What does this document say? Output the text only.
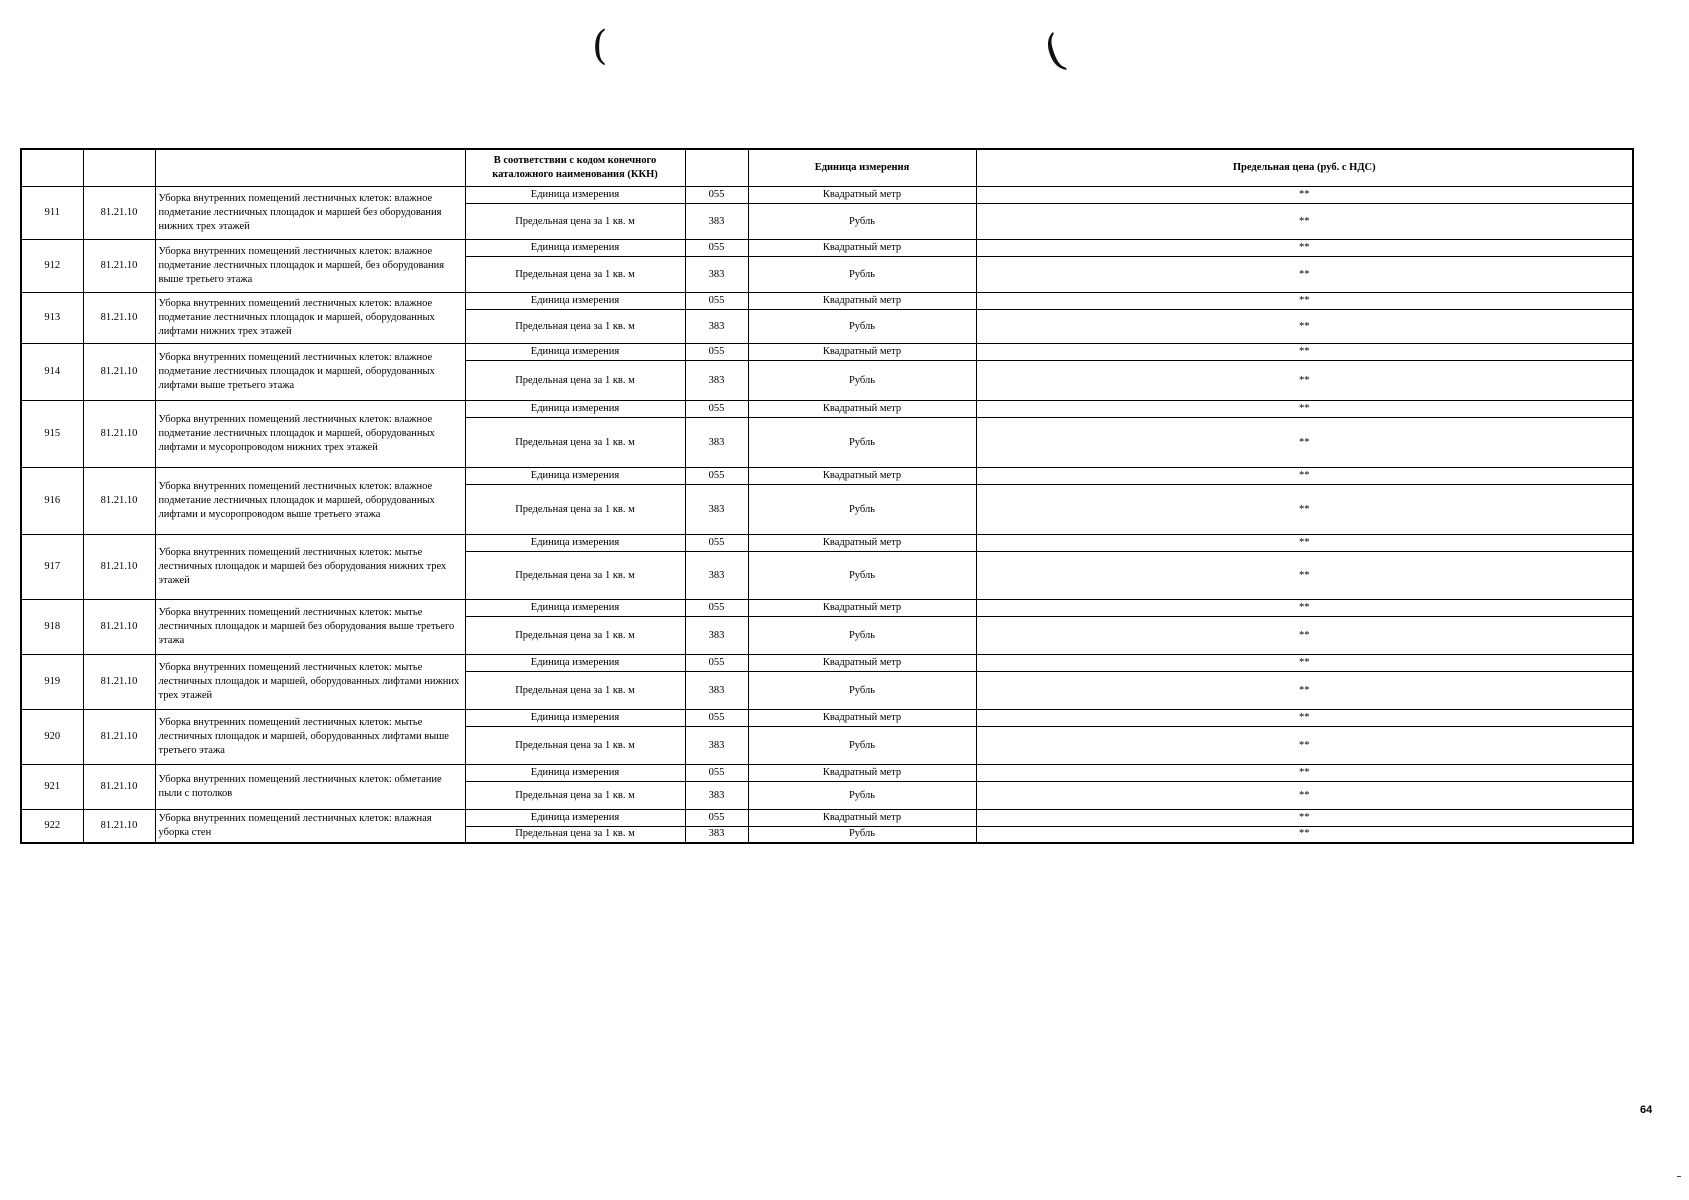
(	(
			В соответствии с кодом конечного каталожного наименования (ККН)		Единица измерения	Предельная цена (руб. с НДС)
911	81.21.10	Уборка внутренних помещений лестничных клеток: влажное подметание лестничных площадок и маршей без оборудования нижних трех этажей	Единица измерения	055	Квадратный метр	**
			Предельная цена за 1 кв. м	383	Рубль	**
912	81.21.10	Уборка внутренних помещений лестничных клеток: влажное подметание лестничных площадок и маршей, без оборудования выше третьего этажа	Единица измерения	055	Квадратный метр	**
			Предельная цена за 1 кв. м	383	Рубль	**
913	81.21.10	Уборка внутренних помещений лестничных клеток: влажное подметание лестничных площадок и маршей, оборудованных лифтами нижних трех этажей	Единица измерения	055	Квадратный метр	**
			Предельная цена за 1 кв. м	383	Рубль	**
914	81.21.10	Уборка внутренних помещений лестничных клеток: влажное подметание лестничных площадок и маршей, оборудованных лифтами выше третьего этажа	Единица измерения	055	Квадратный метр	**
			Предельная цена за 1 кв. м	383	Рубль	**
915	81.21.10	Уборка внутренних помещений лестничных клеток: влажное подметание лестничных площадок и маршей, оборудованных лифтами и мусоропроводом нижних трех этажей	Единица измерения	055	Квадратный метр	**
			Предельная цена за 1 кв. м	383	Рубль	**
916	81.21.10	Уборка внутренних помещений лестничных клеток: влажное подметание лестничных площадок и маршей, оборудованных лифтами и мусоропроводом выше третьего этажа	Единица измерения	055	Квадратный метр	**
			Предельная цена за 1 кв. м	383	Рубль	**
917	81.21.10	Уборка внутренних помещений лестничных клеток: мытье лестничных площадок и маршей без оборудования нижних трех этажей	Единица измерения	055	Квадратный метр	**
			Предельная цена за 1 кв. м	383	Рубль	**
918	81.21.10	Уборка внутренних помещений лестничных клеток: мытье лестничных площадок и маршей без оборудования выше третьего этажа	Единица измерения	055	Квадратный метр	**
			Предельная цена за 1 кв. м	383	Рубль	**
919	81.21.10	Уборка внутренних помещений лестничных клеток: мытье лестничных площадок и маршей, оборудованных лифтами нижних трех этажей	Единица измерения	055	Квадратный метр	**
			Предельная цена за 1 кв. м	383	Рубль	**
920	81.21.10	Уборка внутренних помещений лестничных клеток: мытье лестничных площадок и маршей, оборудованных лифтами выше третьего этажа	Единица измерения	055	Квадратный метр	**
			Предельная цена за 1 кв. м	383	Рубль	**
921	81.21.10	Уборка внутренних помещений лестничных клеток: обметание пыли с потолков	Единица измерения	055	Квадратный метр	**
			Предельная цена за 1 кв. м	383	Рубль	**
922	81.21.10	Уборка внутренних помещений лестничных клеток: влажная уборка стен	Единица измерения	055	Квадратный метр	**
			Предельная цена за 1 кв. м	383	Рубль	**
64
